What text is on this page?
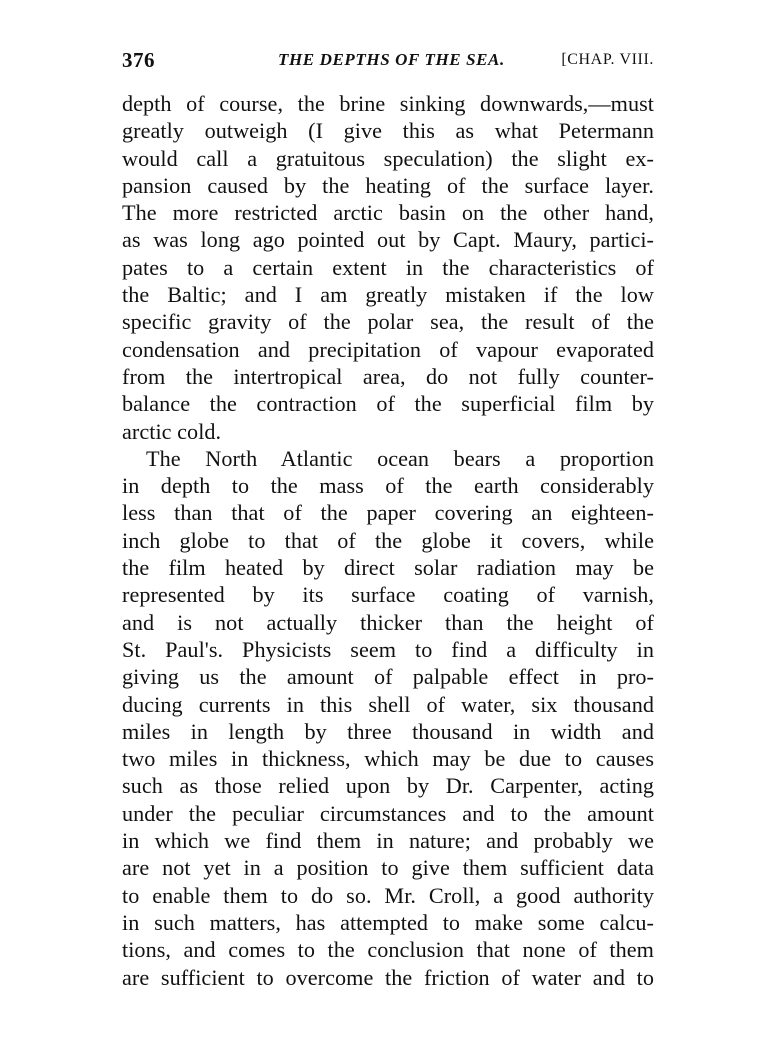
376	THE DEPTHS OF THE SEA.	[CHAP. VIII.
depth of course, the brine sinking downwards,—must
greatly outweigh (I give this as what Petermann
would call a gratuitous speculation) the slight ex-
pansion caused by the heating of the surface layer.
The more restricted arctic basin on the other hand,
as was long ago pointed out by Capt. Maury, partici-
pates to a certain extent in the characteristics of
the Baltic; and I am greatly mistaken if the low
specific gravity of the polar sea, the result of the
condensation and precipitation of vapour evaporated
from the intertropical area, do not fully counter-
balance the contraction of the superficial film by
arctic cold.
The North Atlantic ocean bears a proportion
in depth to the mass of the earth considerably
less than that of the paper covering an eighteen-
inch globe to that of the globe it covers, while
the film heated by direct solar radiation may be
represented by its surface coating of varnish,
and is not actually thicker than the height of
St. Paul's. Physicists seem to find a difficulty in
giving us the amount of palpable effect in pro-
ducing currents in this shell of water, six thousand
miles in length by three thousand in width and
two miles in thickness, which may be due to causes
such as those relied upon by Dr. Carpenter, acting
under the peculiar circumstances and to the amount
in which we find them in nature; and probably we
are not yet in a position to give them sufficient data
to enable them to do so. Mr. Croll, a good authority
in such matters, has attempted to make some calcu-
tions, and comes to the conclusion that none of them
are sufficient to overcome the friction of water and to
